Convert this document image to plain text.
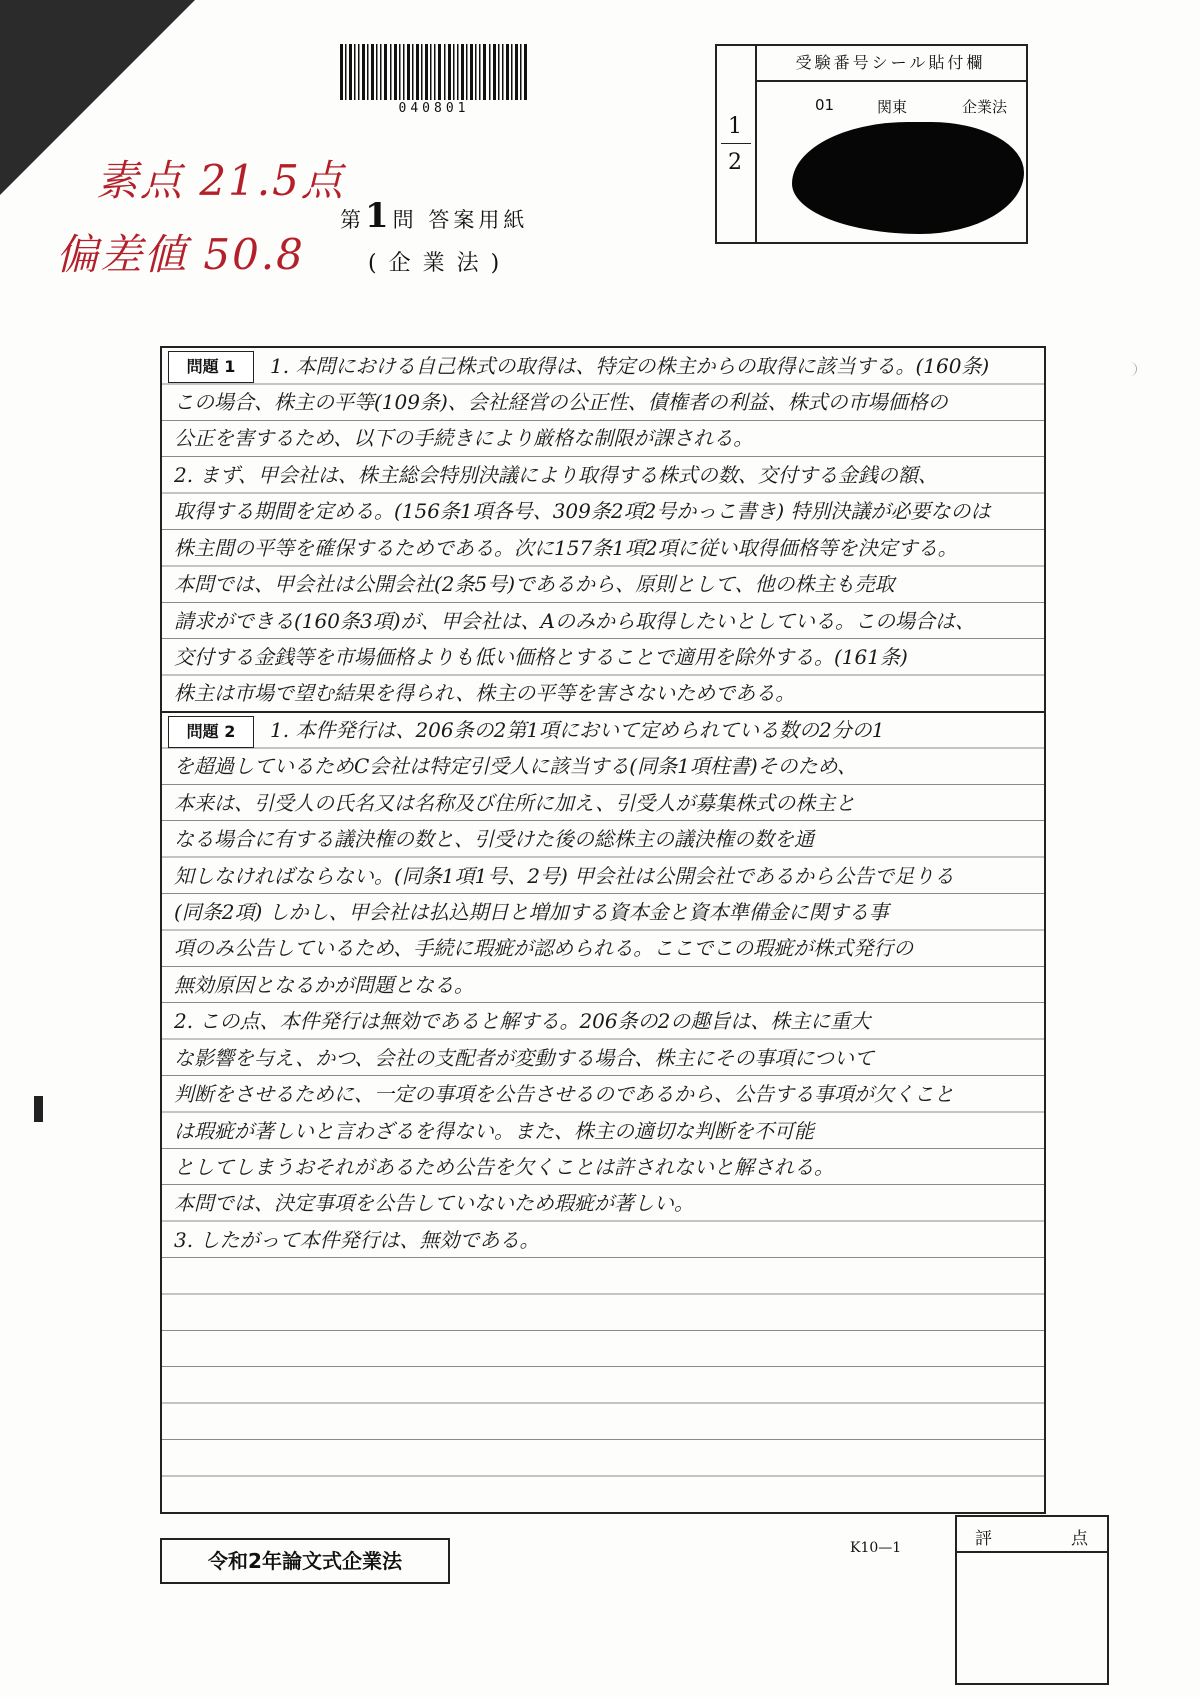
040801
素点 21.5点
偏差値 50.8
第1問 答案用紙
(企業法)
1
2
受験番号シール貼付欄
01	関東	企業法
問題 1	1. 本問における自己株式の取得は、特定の株主からの取得に該当する。(160条)
この場合、株主の平等(109条)、会社経営の公正性、債権者の利益、株式の市場価格の
公正を害するため、以下の手続きにより厳格な制限が課される。
2. まず、甲会社は、株主総会特別決議により取得する株式の数、交付する金銭の額、
取得する期間を定める。(156条1項各号、309条2項2号かっこ書き) 特別決議が必要なのは
株主間の平等を確保するためである。次に157条1項2項に従い取得価格等を決定する。
本問では、甲会社は公開会社(2条5号)であるから、原則として、他の株主も売取
請求ができる(160条3項)が、甲会社は、Aのみから取得したいとしている。この場合は、
交付する金銭等を市場価格よりも低い価格とすることで適用を除外する。(161条)
株主は市場で望む結果を得られ、株主の平等を害さないためである。
問題 2	1. 本件発行は、206条の2第1項において定められている数の2分の1
を超過しているためC会社は特定引受人に該当する(同条1項柱書)そのため、
本来は、引受人の氏名又は名称及び住所に加え、引受人が募集株式の株主と
なる場合に有する議決権の数と、引受けた後の総株主の議決権の数を通
知しなければならない。(同条1項1号、2号) 甲会社は公開会社であるから公告で足りる
(同条2項) しかし、甲会社は払込期日と増加する資本金と資本準備金に関する事
項のみ公告しているため、手続に瑕疵が認められる。ここでこの瑕疵が株式発行の
無効原因となるかが問題となる。
2. この点、本件発行は無効であると解する。206条の2の趣旨は、株主に重大
な影響を与え、かつ、会社の支配者が変動する場合、株主にその事項について
判断をさせるために、一定の事項を公告させるのであるから、公告する事項が欠くこと
は瑕疵が著しいと言わざるを得ない。また、株主の適切な判断を不可能
としてしまうおそれがあるため公告を欠くことは許されないと解される。
本問では、決定事項を公告していないため瑕疵が著しい。
3. したがって本件発行は、無効である。
令和2年論文式企業法
K10—1	評	点
